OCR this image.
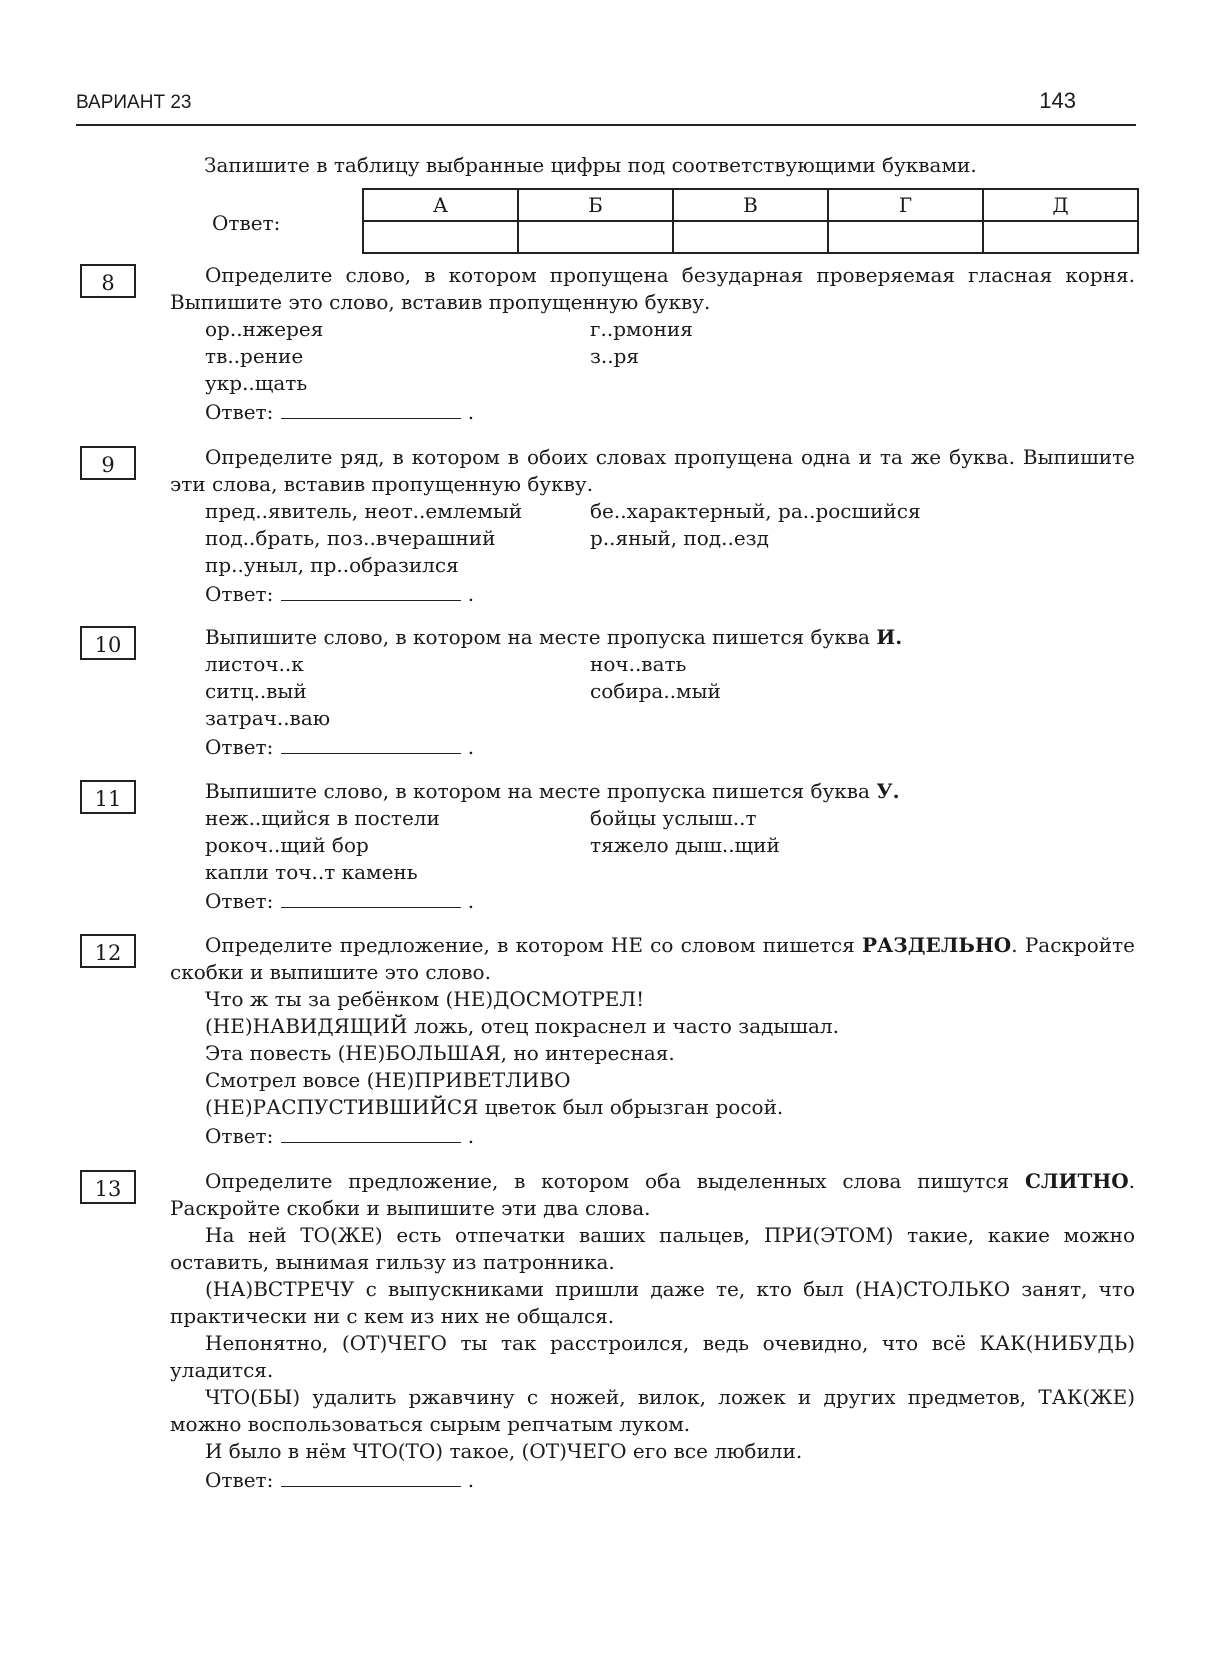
ВАРИАНТ 23	143
Запишите в таблицу выбранные цифры под соответствующими буквами.
Ответ:
А	Б	В	Г	Д

8	Определите слово, в котором пропущена безударная проверяемая гласная корня. Выпишите это слово, вставив пропущенную букву.

ор..нжерея	г..рмония
тв..рение	з..ря
укр..щать
Ответ:	.
9	Определите ряд, в котором в обоих словах пропущена одна и та же буква. Выпишите эти слова, вставив пропущенную букву.

пред..явитель, неот..емлемый	бе..характерный, ра..росшийся
под..брать, поз..вчерашний	р..яный, под..езд
пр..уныл, пр..образился
Ответ:	.
10	Выпишите слово, в котором на месте пропуска пишется буква И.

листоч..к	ноч..вать
ситц..вый	собира..мый
затрач..ваю
Ответ:	.
11	Выпишите слово, в котором на месте пропуска пишется буква У.

неж..щийся в постели	бойцы услыш..т
рокоч..щий бор	тяжело дыш..щий
капли точ..т камень
Ответ:	.
12	Определите предложение, в котором НЕ со словом пишется РАЗДЕЛЬНО. Раскройте скобки и выпишите это слово.

Что ж ты за ребёнком (НЕ)ДОСМОТРЕЛ!
(НЕ)НАВИДЯЩИЙ ложь, отец покраснел и часто задышал.
Эта повесть (НЕ)БОЛЬШАЯ, но интересная.
Смотрел вовсе (НЕ)ПРИВЕТЛИВО
(НЕ)РАСПУСТИВШИЙСЯ цветок был обрызган росой.
Ответ:	.
13	Определите предложение, в котором оба выделенных слова пишутся СЛИТНО. Раскройте скобки и выпишите эти два слова.

На ней ТО(ЖЕ) есть отпечатки ваших пальцев, ПРИ(ЭТОМ) такие, какие можно оставить, вынимая гильзу из патронника.

(НА)ВСТРЕЧУ с выпускниками пришли даже те, кто был (НА)СТОЛЬКО занят, что практически ни с кем из них не общался.

Непонятно, (ОТ)ЧЕГО ты так расстроился, ведь очевидно, что всё КАК(НИБУДЬ) уладится.

ЧТО(БЫ) удалить ржавчину с ножей, вилок, ложек и других предметов, ТАК(ЖЕ) можно воспользоваться сырым репчатым луком.

И было в нём ЧТО(ТО) такое, (ОТ)ЧЕГО его все любили.

Ответ:	.
